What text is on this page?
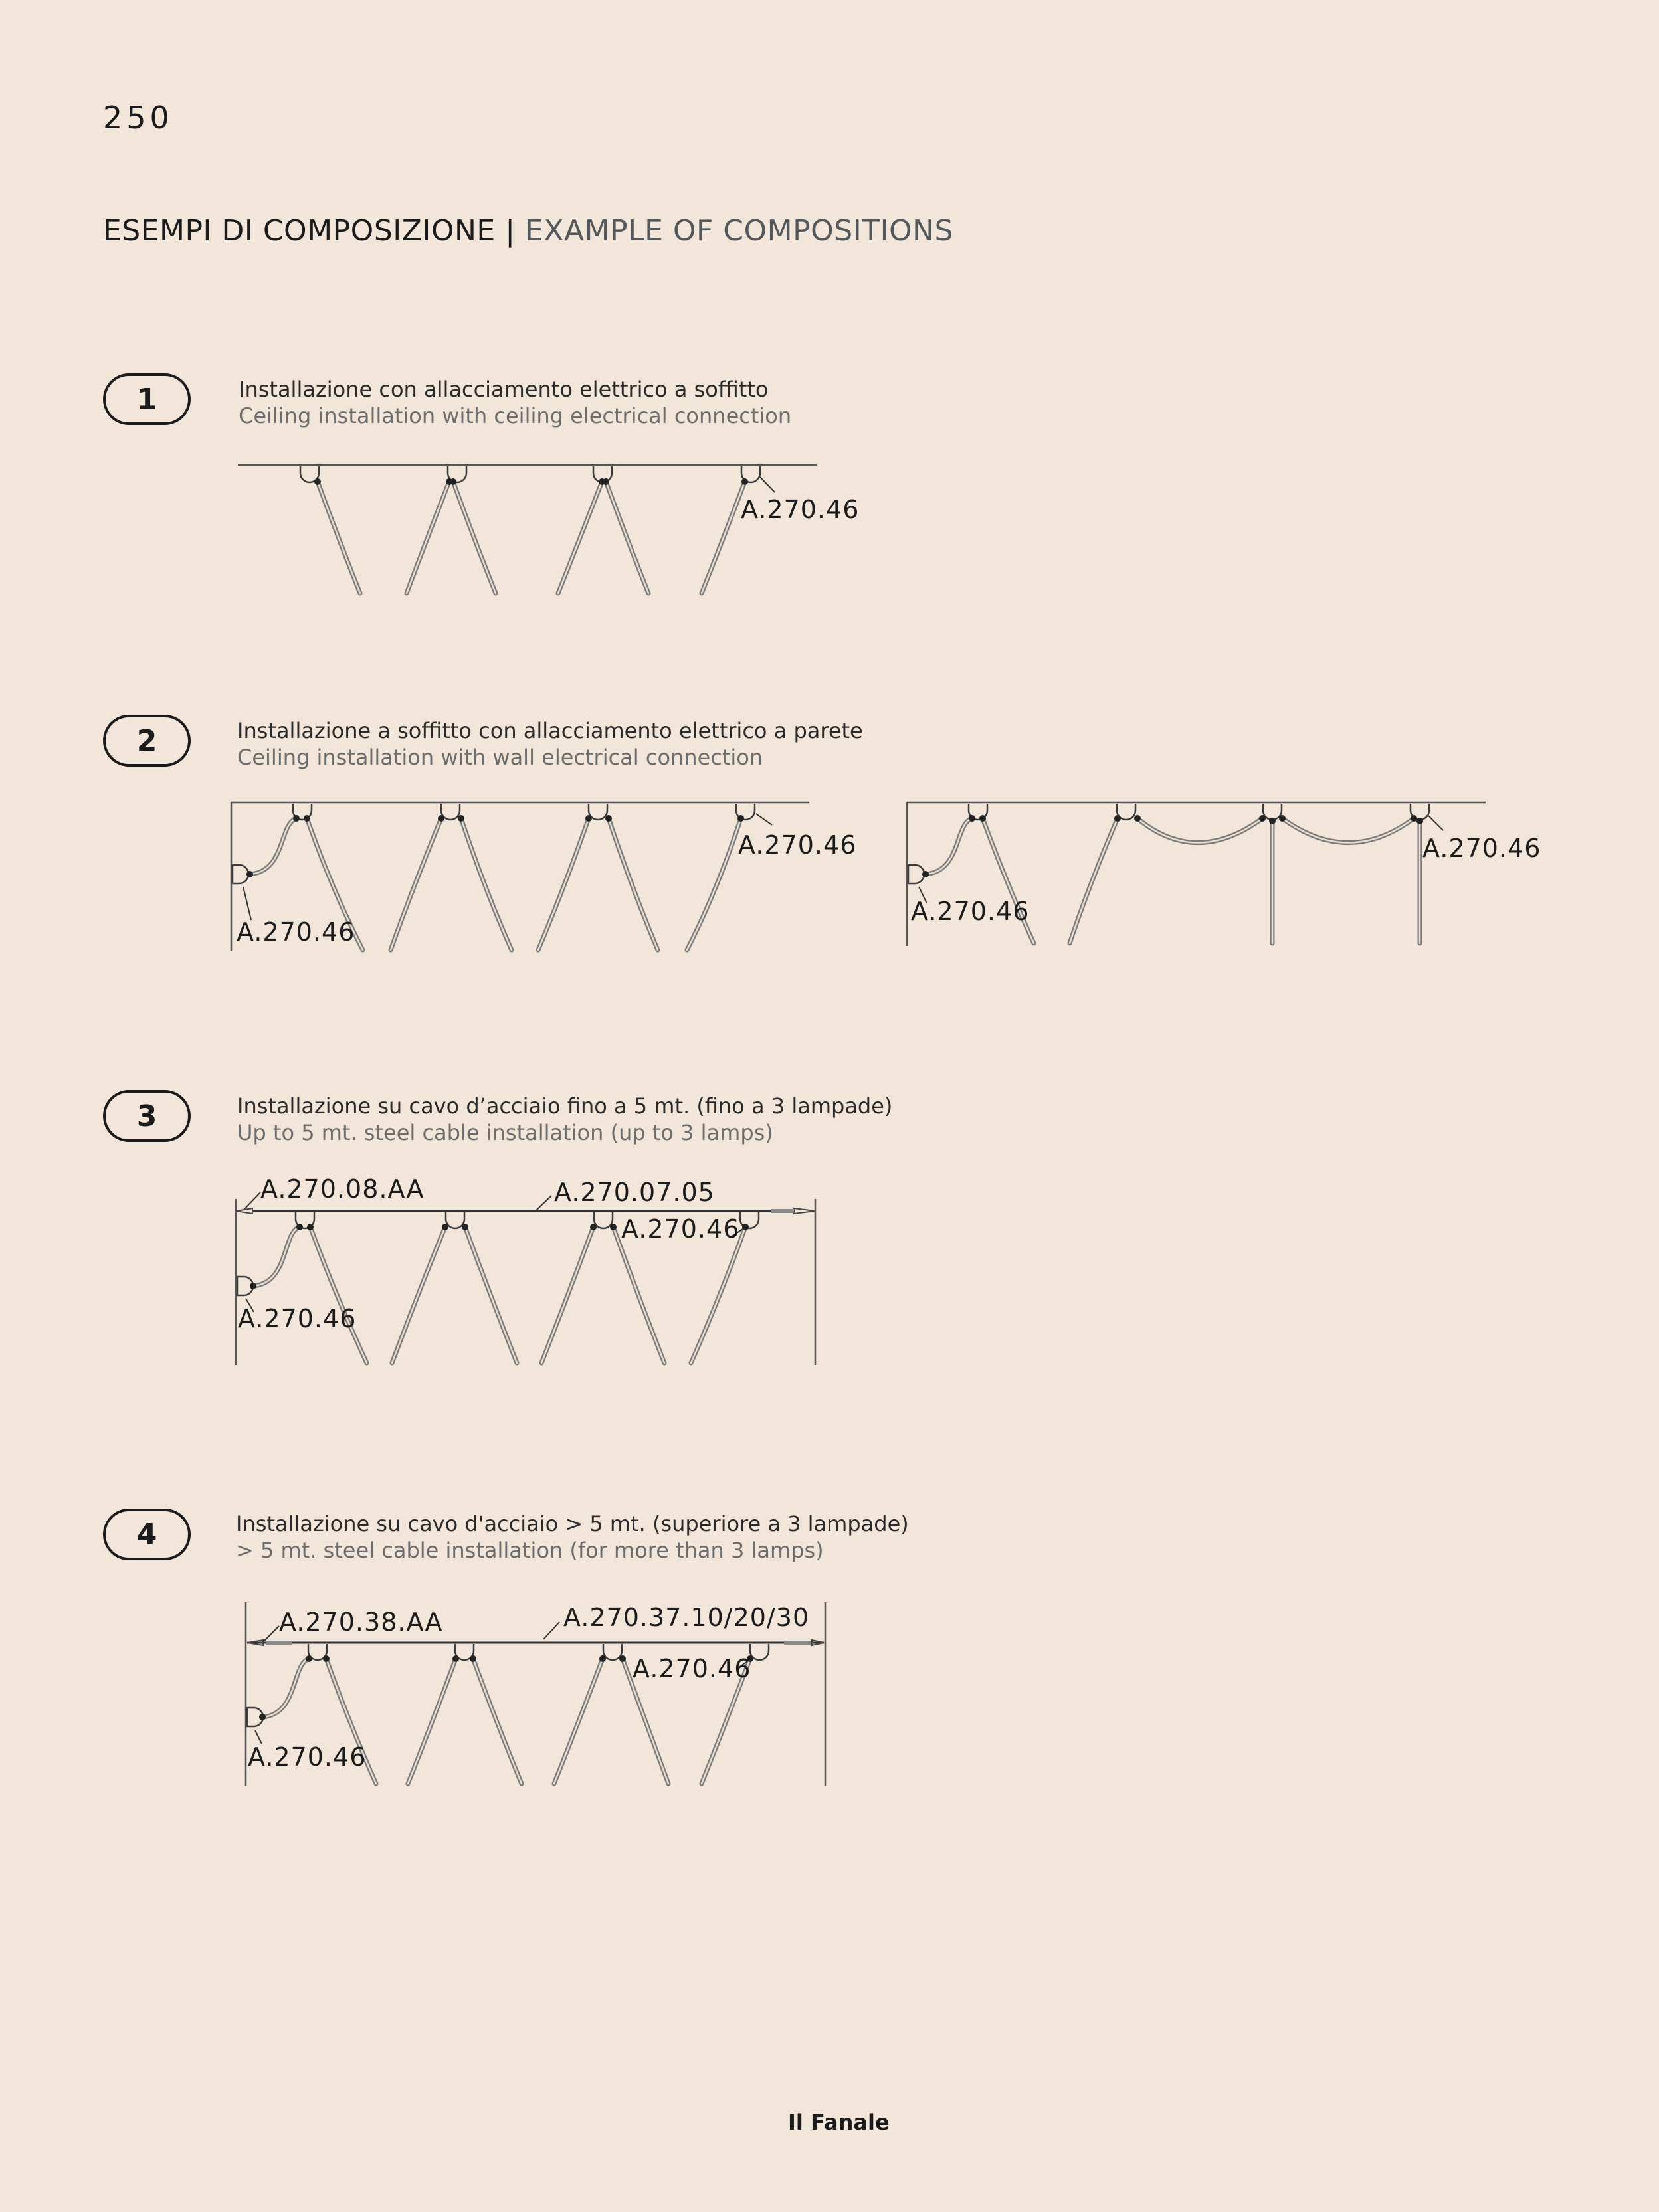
250
ESEMPI DI COMPOSIZIONE | EXAMPLE OF COMPOSITIONS
1	Installazione con allacciamento elettrico a soffitto
Ceiling installation with ceiling electrical connection
2	Installazione a soffitto con allacciamento elettrico a parete
Ceiling installation with wall electrical connection
3	Installazione su cavo d’acciaio fino a 5 mt. (fino a 3 lampade)
Up to 5 mt. steel cable installation (up to 3 lamps)
4	Installazione su cavo d'acciaio > 5 mt. (superiore a 3 lampade)
> 5 mt. steel cable installation (for more than 3 lamps)
A.270.46
A.270.46
A.270.46
A.270.46
A.270.46
A.270.08.AA	A.270.07.05
A.270.46
A.270.46
A.270.38.AA	A.270.37.10/20/30
A.270.46
A.270.46
Il Fanale
